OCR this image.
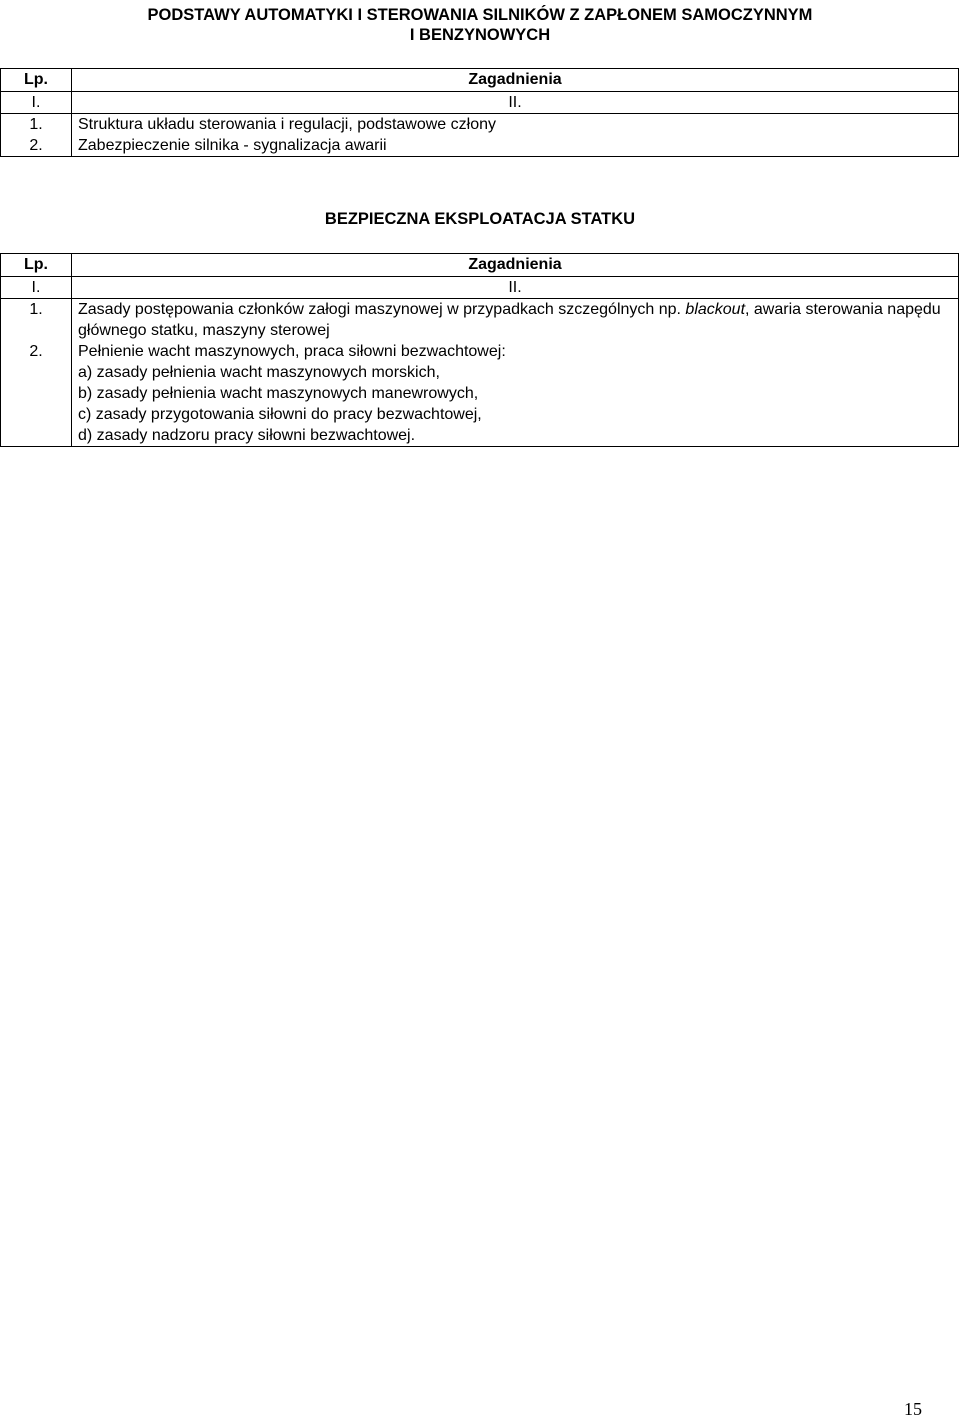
PODSTAWY AUTOMATYKI I STEROWANIA SILNIKÓW Z ZAPŁONEM SAMOCZYNNYM
I BENZYNOWYCH
Lp.	Zagadnienia
I.	II.
1.	Struktura układu sterowania i regulacji, podstawowe człony
2.	Zabezpieczenie silnika - sygnalizacja awarii
BEZPIECZNA EKSPLOATACJA STATKU
Lp.	Zagadnienia
I.	II.
1.	Zasady postępowania członków załogi maszynowej w przypadkach szczególnych np. blackout, awaria sterowania napędu głównego statku, maszyny sterowej
2.	Pełnienie wacht maszynowych, praca siłowni bezwachtowej:
a) zasady pełnienia wacht maszynowych morskich,
b) zasady pełnienia wacht maszynowych manewrowych,
c) zasady przygotowania siłowni do pracy bezwachtowej,
d) zasady nadzoru pracy siłowni bezwachtowej.
15
